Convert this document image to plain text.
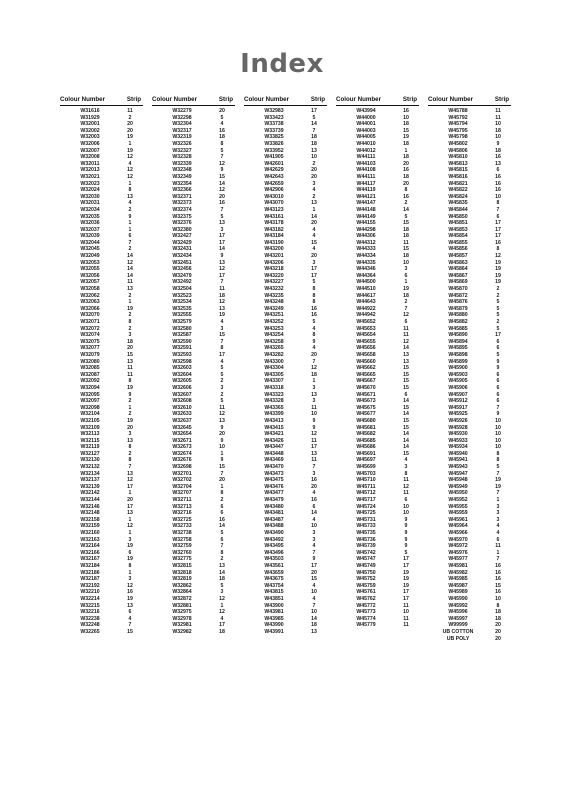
Index
Colour Number	Strip
W31616	11
W31929	2
W32001	20
W32002	20
W32003	19
W32006	1
W32007	19
W32008	12
W32011	4
W32013	12
W32021	12
W32023	1
W32024	8
W32030	13
W32031	4
W32034	2
W32035	9
W32036	1
W32037	1
W32039	6
W32044	7
W32045	2
W32049	14
W32053	12
W32055	14
W32056	14
W32057	11
W32058	13
W32062	2
W32063	1
W32066	19
W32070	2
W32071	8
W32072	2
W32074	3
W32075	18
W32077	20
W32079	15
W32080	13
W32085	11
W32087	11
W32092	8
W32094	19
W32095	9
W32097	2
W32098	1
W32104	2
W32105	19
W32109	20
W32113	3
W32115	13
W32119	8
W32127	2
W32130	8
W32132	7
W32134	13
W32137	12
W32139	17
W32142	1
W32144	20
W32146	17
W32148	13
W32158	1
W32159	12
W32160	1
W32163	3
W32164	19
W32166	6
W32167	19
W32184	8
W32186	1
W32187	3
W32192	12
W32210	16
W32214	19
W32215	13
W32216	6
W32238	4
W32248	7
W32265	15
Colour Number	Strip
W32279	20
W32298	5
W32304	4
W32317	16
W32319	18
W32326	8
W32327	5
W32328	7
W32339	12
W32348	9
W32349	15
W32354	14
W32366	12
W32371	20
W32373	16
W32374	7
W32375	5
W32376	13
W32380	3
W32427	17
W32429	17
W32431	14
W32434	9
W32451	13
W32456	12
W32479	17
W32492	7
W32504	11
W32523	18
W32534	12
W32535	13
W32555	19
W32579	4
W32580	3
W32587	15
W32590	7
W32591	8
W32593	17
W32598	4
W32603	5
W32604	5
W32605	2
W32606	3
W32607	2
W32608	5
W32610	11
W32633	12
W32637	13
W32645	9
W32654	20
W32671	9
W32673	10
W32674	1
W32676	9
W32698	15
W32701	7
W32702	20
W32704	1
W32707	8
W32711	2
W32713	6
W32716	6
W32725	16
W32733	14
W32738	5
W32758	6
W32759	7
W32760	8
W32775	2
W32815	13
W32818	14
W32819	18
W32862	5
W32864	3
W32872	12
W32881	1
W32975	12
W32978	4
W32981	17
W32982	18
Colour Number	Strip
W32983	17
W33423	5
W33738	14
W33739	7
W33825	18
W33826	18
W33952	13
W41905	10
W42601	2
W42629	20
W42643	20
W42659	3
W42906	4
W43010	2
W43070	13
W43123	1
W43161	14
W43178	20
W43182	4
W43184	4
W43190	15
W43200	4
W43201	20
W43206	3
W43218	17
W43220	17
W43227	5
W43232	8
W43235	8
W43248	8
W43249	16
W43251	16
W43252	5
W43253	4
W43254	8
W43258	9
W43265	4
W43282	20
W43300	7
W43304	12
W43305	18
W43307	1
W43318	3
W43323	13
W43328	3
W43365	11
W43399	10
W43413	9
W43415	9
W43421	12
W43426	11
W43447	17
W43448	13
W43469	11
W43470	7
W43473	3
W43475	16
W43476	20
W43477	4
W43479	16
W43480	6
W43481	14
W43487	4
W43488	10
W43490	3
W43492	3
W43495	4
W43496	7
W43503	9
W43561	17
W43659	20
W43675	15
W43754	4
W43815	10
W43851	4
W43900	7
W43981	10
W43985	14
W43990	18
W43991	13
Colour Number	Strip
W43994	16
W44000	10
W44001	18
W44003	15
W44005	19
W44010	18
W44012	1
W44111	18
W44103	20
W44108	16
W44111	18
W44117	20
W44119	8
W44121	16
W44147	2
W44148	14
W44149	5
W44155	15
W44298	18
W44306	18
W44312	11
W44333	15
W44334	18
W44335	10
W44346	3
W44364	6
W44500	1
W44510	19
W44617	18
W44643	2
W44922	7
W44942	12
W45652	6
W45653	11
W45654	11
W45655	12
W45656	14
W45658	13
W45660	13
W45662	15
W45665	15
W45667	15
W45670	15
W45671	6
W45673	14
W45675	15
W45677	14
W45680	15
W45681	15
W45682	14
W45685	14
W45686	14
W45691	15
W45697	4
W45699	3
W45703	8
W45710	11
W45711	12
W45712	11
W45717	6
W45724	10
W45725	10
W45731	9
W45733	9
W45735	9
W45736	9
W45739	9
W45742	5
W45747	17
W45749	17
W45750	19
W45752	19
W45759	19
W45761	17
W45762	17
W45772	11
W45773	10
W45774	11
W45779	11
Colour Number	Strip
W45788	11
W45792	11
W45794	10
W45795	18
W45798	10
W45802	9
W45806	18
W45810	16
W45813	13
W45815	6
W45816	16
W45821	16
W45822	16
W45824	10
W45835	8
W45844	7
W45850	6
W45851	17
W45853	17
W45854	17
W45855	16
W45856	8
W45857	12
W45863	19
W45864	19
W45867	19
W45869	19
W45870	2
W45872	2
W45876	5
W45879	5
W45880	5
W45882	2
W45885	5
W45890	17
W45894	6
W45895	6
W45898	5
W45899	9
W45900	9
W45903	6
W45905	6
W45906	6
W45907	6
W45912	6
W45917	7
W45925	9
W45926	10
W45928	10
W45930	10
W45933	10
W45934	10
W45940	8
W45941	8
W45943	5
W45947	7
W45948	19
W45949	19
W45950	7
W45952	1
W45955	3
W45959	3
W45961	3
W45964	4
W45966	4
W45970	6
W45972	11
W45976	1
W45977	7
W45981	16
W45982	16
W45985	16
W45987	15
W45989	16
W45990	10
W45992	8
W45996	18
W45997	18
W99999	20
UB COTTON	20
UB POLY	20
